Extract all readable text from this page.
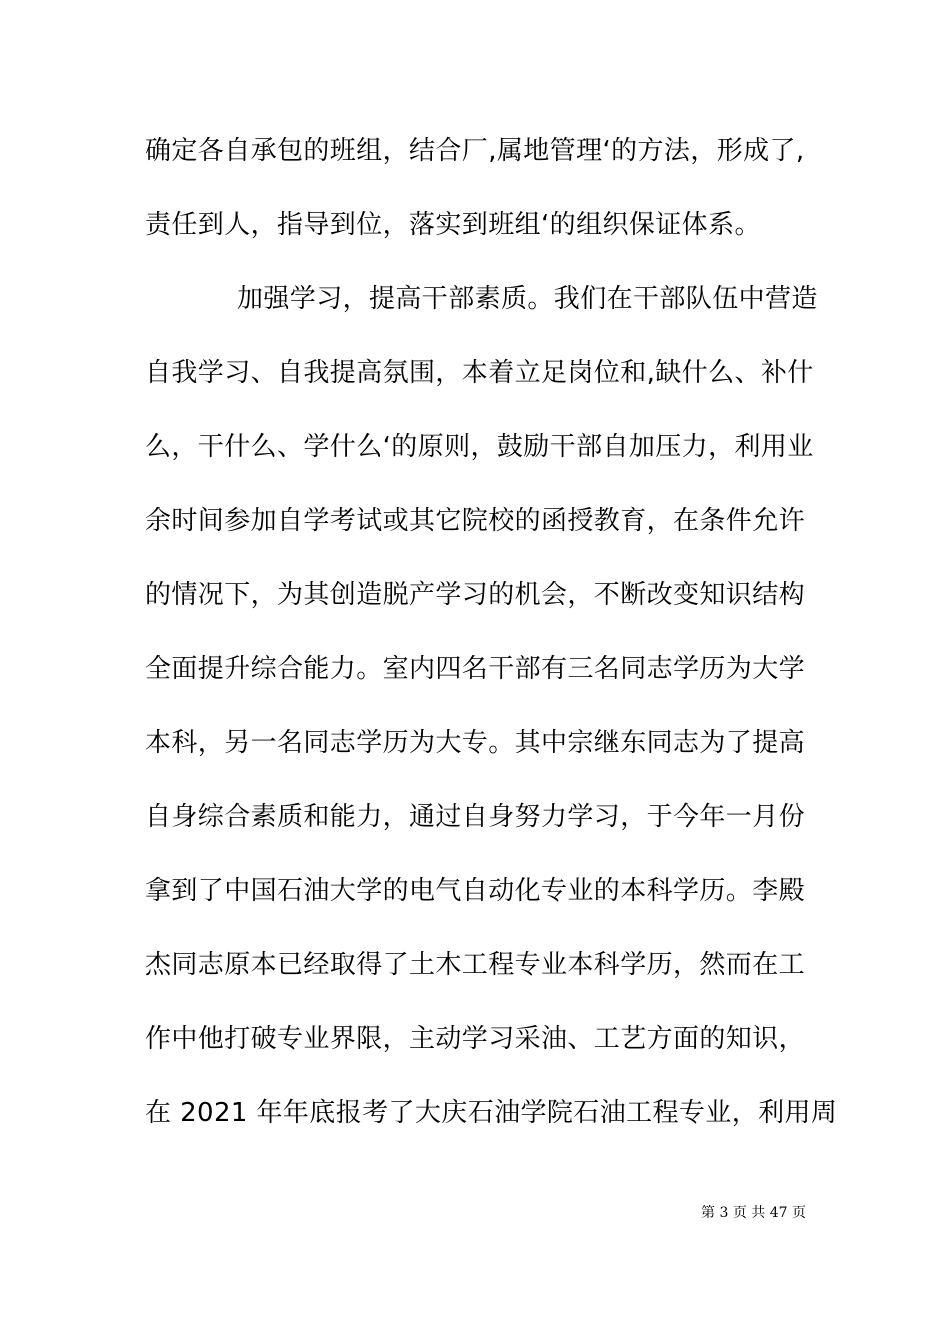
确定各自承包的班组，结合厂,属地管理‘的方法，形成了,
责任到人，指导到位，落实到班组‘的组织保证体系。
加强学习，提高干部素质。我们在干部队伍中营造
自我学习、自我提高氛围，本着立足岗位和,缺什么、补什
么，干什么、学什么‘的原则，鼓励干部自加压力，利用业
余时间参加自学考试或其它院校的函授教育，在条件允许
的情况下，为其创造脱产学习的机会，不断改变知识结构
全面提升综合能力。室内四名干部有三名同志学历为大学
本科，另一名同志学历为大专。其中宗继东同志为了提高
自身综合素质和能力，通过自身努力学习，于今年一月份
拿到了中国石油大学的电气自动化专业的本科学历。李殿
杰同志原本已经取得了土木工程专业本科学历，然而在工
作中他打破专业界限，主动学习采油、工艺方面的知识，
在 2021 年年底报考了大庆石油学院石油工程专业，利用周
第 3 页 共 47 页
